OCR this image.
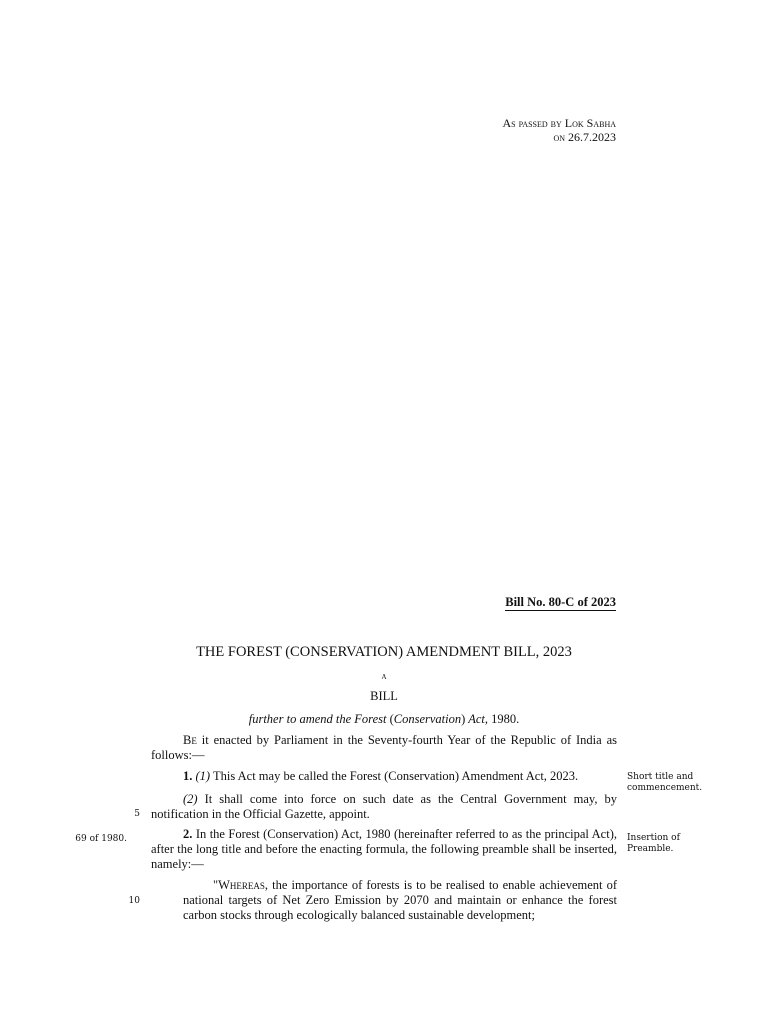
As passed by Lok Sabha
on 26.7.2023
Bill No. 80-C of 2023
THE FOREST (CONSERVATION) AMENDMENT BILL, 2023
a
BILL
further to amend the Forest (Conservation) Act, 1980.
Be it enacted by Parliament in the Seventy-fourth Year of the Republic of India as follows:—
1. (1) This Act may be called the Forest (Conservation) Amendment Act, 2023.
(2) It shall come into force on such date as the Central Government may, by notification in the Official Gazette, appoint.
2. In the Forest (Conservation) Act, 1980 (hereinafter referred to as the principal Act), after the long title and before the enacting formula, the following preamble shall be inserted, namely:—
"Whereas, the importance of forests is to be realised to enable achievement of national targets of Net Zero Emission by 2070 and maintain or enhance the forest carbon stocks through ecologically balanced sustainable development;
Short title and commencement.
Insertion of Preamble.
69 of 1980.
5
10
